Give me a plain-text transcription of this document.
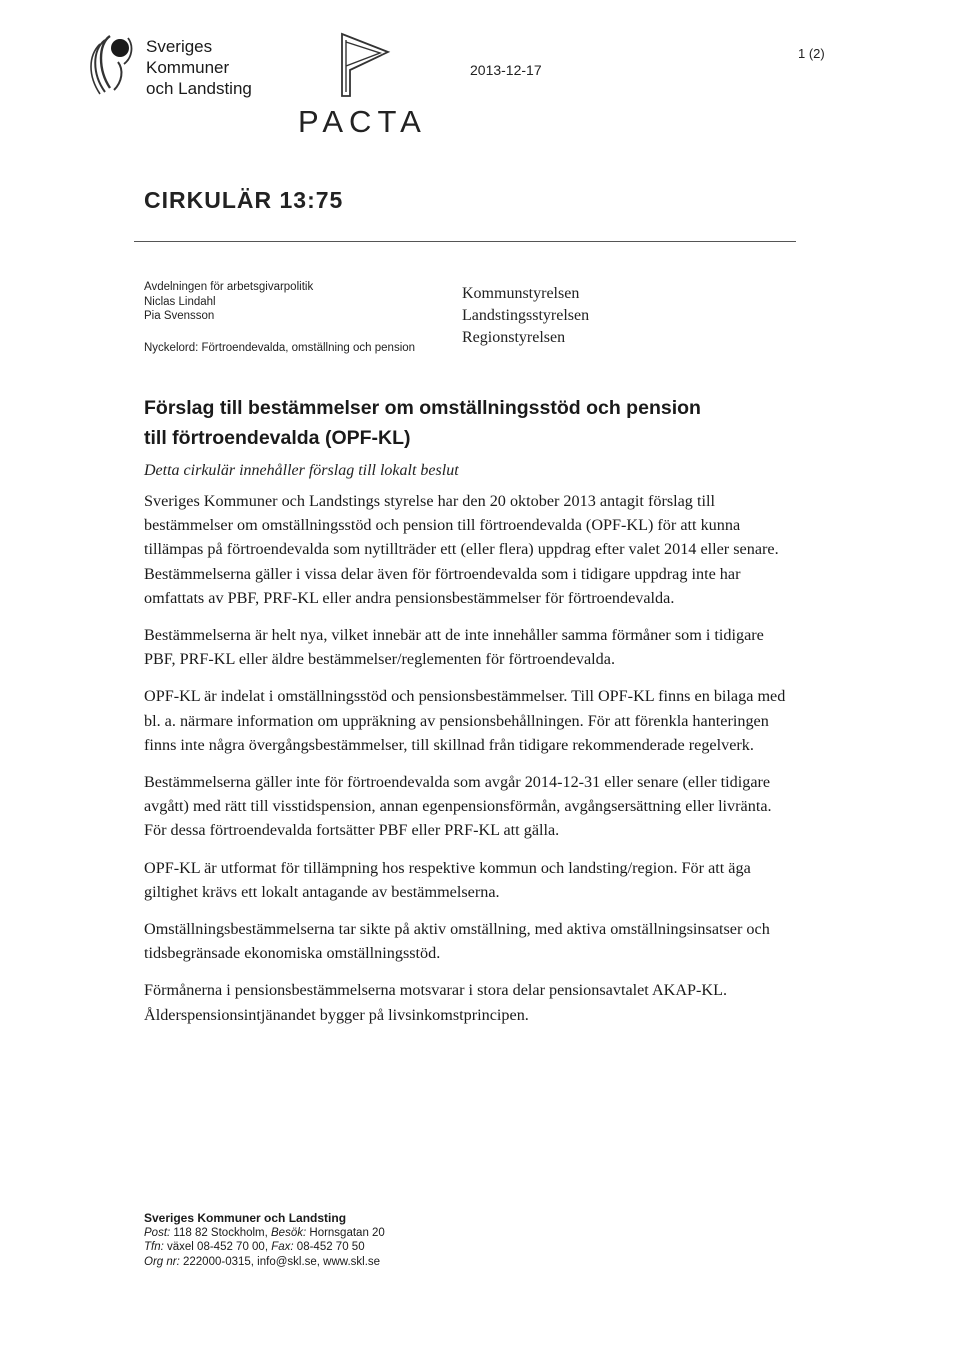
Sveriges
Kommuner
och Landsting
PACTA
2013-12-17
1 (2)
CIRKULÄR 13:75
Avdelningen för arbetsgivarpolitik
Niclas Lindahl
Pia Svensson
Nyckelord: Förtroendevalda, omställning och pension
Kommunstyrelsen
Landstingsstyrelsen
Regionstyrelsen
Förslag till bestämmelser om omställningsstöd och pension
till förtroendevalda (OPF-KL)
Detta cirkulär innehåller förslag till lokalt beslut

Sveriges Kommuner och Landstings styrelse har den 20 oktober 2013 antagit förslag till bestämmelser om omställningsstöd och pension till förtroendevalda (OPF-KL) för att kunna tillämpas på förtroendevalda som nytillträder ett (eller flera) uppdrag efter valet 2014 eller senare. Bestämmelserna gäller i vissa delar även för förtroendevalda som i tidigare uppdrag inte har omfattats av PBF, PRF-KL eller andra pensionsbestämmelser för förtroendevalda.

Bestämmelserna är helt nya, vilket innebär att de inte innehåller samma förmåner som i tidigare PBF, PRF-KL eller äldre bestämmelser/reglementen för förtroendevalda.

OPF-KL är indelat i omställningsstöd och pensionsbestämmelser. Till OPF-KL finns en bilaga med bl. a. närmare information om uppräkning av pensionsbehållningen. För att förenkla hanteringen finns inte några övergångsbestämmelser, till skillnad från tidigare rekommenderade regelverk.

Bestämmelserna gäller inte för förtroendevalda som avgår 2014-12-31 eller senare (eller tidigare avgått) med rätt till visstidspension, annan egenpensionsförmån, avgångsersättning eller livränta. För dessa förtroendevalda fortsätter PBF eller PRF-KL att gälla.

OPF-KL är utformat för tillämpning hos respektive kommun och landsting/region. För att äga giltighet krävs ett lokalt antagande av bestämmelserna.

Omställningsbestämmelserna tar sikte på aktiv omställning, med aktiva omställningsinsatser och tidsbegränsade ekonomiska omställningsstöd.

Förmånerna i pensionsbestämmelserna motsvarar i stora delar pensionsavtalet AKAP-KL. Ålderspensionsintjänandet bygger på livsinkomstprincipen.

Sveriges Kommuner och Landsting
Post: 118 82 Stockholm, Besök: Hornsgatan 20
Tfn: växel 08-452 70 00, Fax: 08-452 70 50
Org nr: 222000-0315, info@skl.se, www.skl.se
